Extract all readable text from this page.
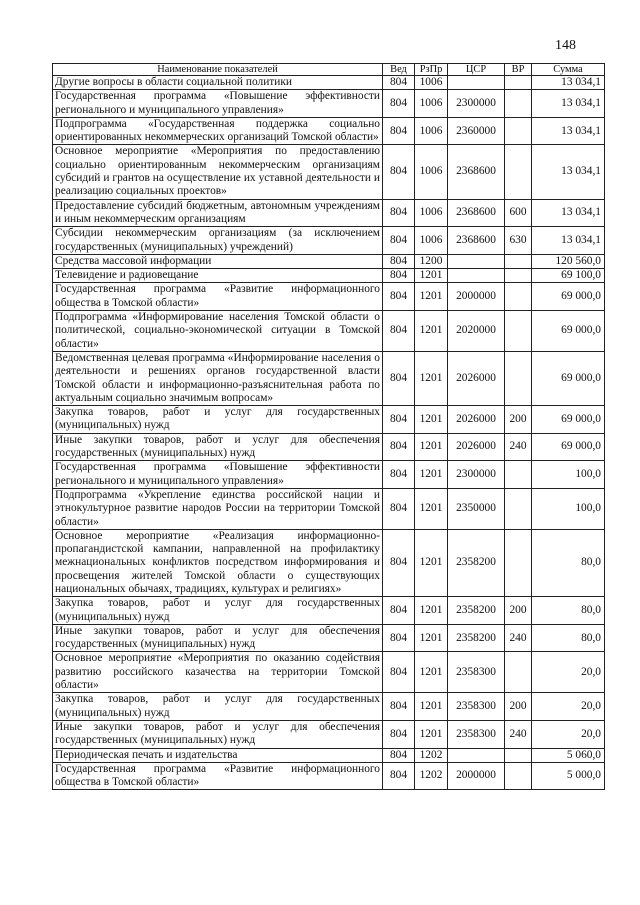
148
Наименование показателей	Вед	РзПр	ЦСР	ВР	Сумма
Другие вопросы в области социальной политики	804	1006			13 034,1
Государственная программа «Повышение эффективности регионального и муниципального управления»	804	1006	2300000		13 034,1
Подпрограмма «Государственная поддержка социально ориентированных некоммерческих организаций Томской области»	804	1006	2360000		13 034,1
Основное мероприятие «Мероприятия по предоставлению социально ориентированным некоммерческим организациям субсидий и грантов на осуществление их уставной деятельности и реализацию социальных проектов»	804	1006	2368600		13 034,1
Предоставление субсидий бюджетным, автономным учреждениям и иным некоммерческим организациям	804	1006	2368600	600	13 034,1
Субсидии некоммерческим организациям (за исключением государственных (муниципальных) учреждений)	804	1006	2368600	630	13 034,1
Средства массовой информации	804	1200			120 560,0
Телевидение и радиовещание	804	1201			69 100,0
Государственная программа «Развитие информационного общества в Томской области»	804	1201	2000000		69 000,0
Подпрограмма «Информирование населения Томской области о политической, социально-экономической ситуации в Томской области»	804	1201	2020000		69 000,0
Ведомственная целевая программа «Информирование населения о деятельности и решениях органов государственной власти Томской области и информационно-разъяснительная работа по актуальным социально значимым вопросам»	804	1201	2026000		69 000,0
Закупка товаров, работ и услуг для государственных (муниципальных) нужд	804	1201	2026000	200	69 000,0
Иные закупки товаров, работ и услуг для обеспечения государственных (муниципальных) нужд	804	1201	2026000	240	69 000,0
Государственная программа «Повышение эффективности регионального и муниципального управления»	804	1201	2300000		100,0
Подпрограмма «Укрепление единства российской нации и этнокультурное развитие народов России на территории Томской области»	804	1201	2350000		100,0
Основное мероприятие «Реализация информационно-пропагандистской кампании, направленной на профилактику межнациональных конфликтов посредством информирования и просвещения жителей Томской области о существующих национальных обычаях, традициях, культурах и религиях»	804	1201	2358200		80,0
Закупка товаров, работ и услуг для государственных (муниципальных) нужд	804	1201	2358200	200	80,0
Иные закупки товаров, работ и услуг для обеспечения государственных (муниципальных) нужд	804	1201	2358200	240	80,0
Основное мероприятие «Мероприятия по оказанию содействия развитию российского казачества на территории Томской области»	804	1201	2358300		20,0
Закупка товаров, работ и услуг для государственных (муниципальных) нужд	804	1201	2358300	200	20,0
Иные закупки товаров, работ и услуг для обеспечения государственных (муниципальных) нужд	804	1201	2358300	240	20,0
Периодическая печать и издательства	804	1202			5 060,0
Государственная программа «Развитие информационного общества в Томской области»	804	1202	2000000		5 000,0
